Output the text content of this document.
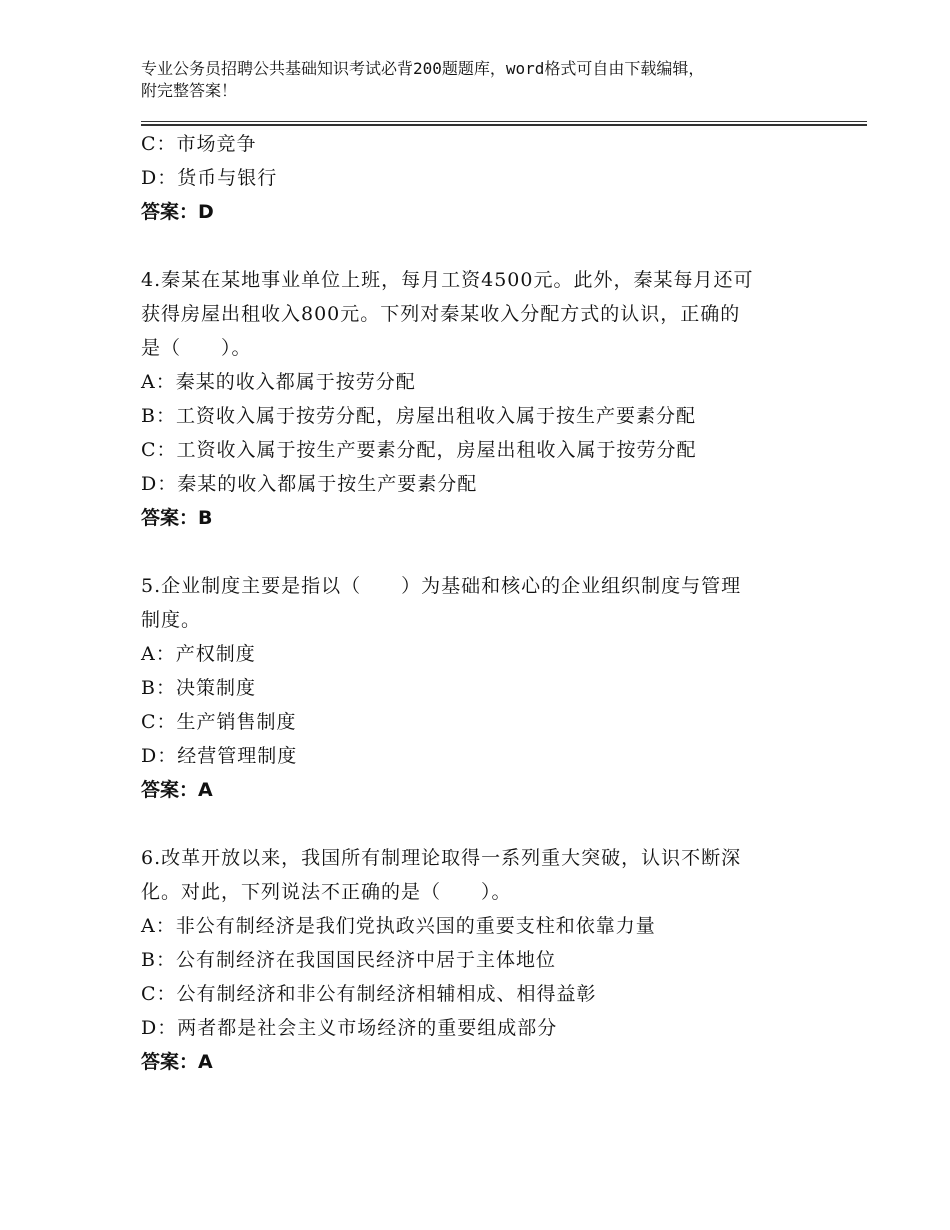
专业公务员招聘公共基础知识考试必背200题题库，word格式可自由下载编辑，
附完整答案！
C：市场竞争
D：货币与银行
答案：D
4.秦某在某地事业单位上班，每月工资4500元。此外，秦某每月还可
获得房屋出租收入800元。下列对秦某收入分配方式的认识，正确的
是（　　）。
A：秦某的收入都属于按劳分配
B：工资收入属于按劳分配，房屋出租收入属于按生产要素分配
C：工资收入属于按生产要素分配，房屋出租收入属于按劳分配
D：秦某的收入都属于按生产要素分配
答案：B
5.企业制度主要是指以（　　）为基础和核心的企业组织制度与管理
制度。
A：产权制度
B：决策制度
C：生产销售制度
D：经营管理制度
答案：A
6.改革开放以来，我国所有制理论取得一系列重大突破，认识不断深
化。对此，下列说法不正确的是（　　）。
A：非公有制经济是我们党执政兴国的重要支柱和依靠力量
B：公有制经济在我国国民经济中居于主体地位
C：公有制经济和非公有制经济相辅相成、相得益彰
D：两者都是社会主义市场经济的重要组成部分
答案：A
